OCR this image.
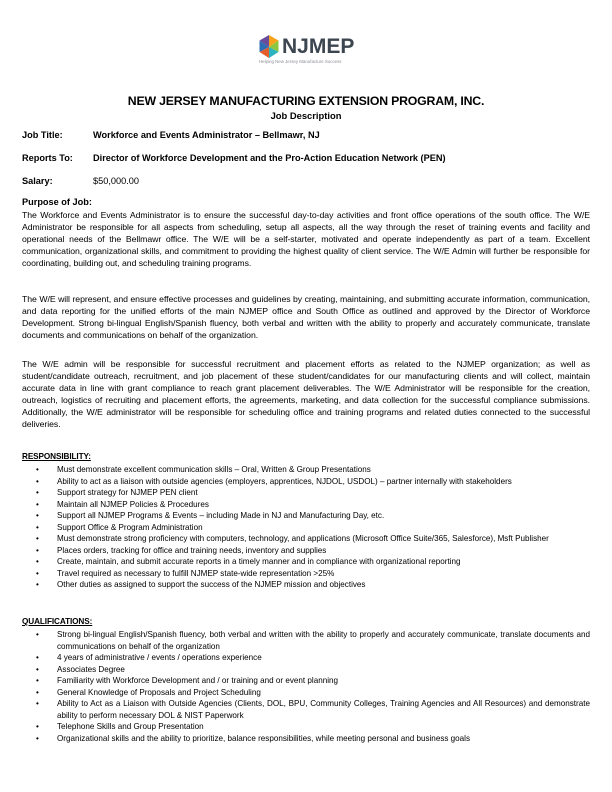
NJMEP
Helping New Jersey Manufacture Success
NEW JERSEY MANUFACTURING EXTENSION PROGRAM, INC.
Job Description
Job Title:	Workforce and Events Administrator – Bellmawr, NJ
Reports To: Director of Workforce Development and the Pro-Action Education Network (PEN)
Salary:	$50,000.00
Purpose of Job:
The Workforce and Events Administrator is to ensure the successful day-to-day activities and front office operations of the south office. The W/E Administrator be responsible for all aspects from scheduling, setup all aspects, all the way through the reset of training events and facility and operational needs of the Bellmawr office. The W/E will be a self-starter, motivated and operate independently as part of a team. Excellent communication, organizational skills, and commitment to providing the highest quality of client service. The W/E Admin will further be responsible for coordinating, building out, and scheduling training programs.
The W/E will represent, and ensure effective processes and guidelines by creating, maintaining, and submitting accurate information, communication, and data reporting for the unified efforts of the main NJMEP office and South Office as outlined and approved by the Director of Workforce Development. Strong bi-lingual English/Spanish fluency, both verbal and written with the ability to properly and accurately communicate, translate documents and communications on behalf of the organization.
The W/E admin will be responsible for successful recruitment and placement efforts as related to the NJMEP organization; as well as student/candidate outreach, recruitment, and job placement of these student/candidates for our manufacturing clients and will collect, maintain accurate data in line with grant compliance to reach grant placement deliverables. The W/E Administrator will be responsible for the creation, outreach, logistics of recruiting and placement efforts, the agreements, marketing, and data collection for the successful compliance submissions. Additionally, the W/E administrator will be responsible for scheduling office and training programs and related duties connected to the successful deliveries.
RESPONSIBILITY:
• Must demonstrate excellent communication skills – Oral, Written & Group Presentations
• Ability to act as a liaison with outside agencies (employers, apprentices, NJDOL, USDOL) – partner internally with stakeholders
• Support strategy for NJMEP PEN client
• Maintain all NJMEP Policies & Procedures
• Support all NJMEP Programs & Events – including Made in NJ and Manufacturing Day, etc.
• Support Office & Program Administration
• Must demonstrate strong proficiency with computers, technology, and applications (Microsoft Office Suite/365, Salesforce), Msft Publisher
• Places orders, tracking for office and training needs, inventory and supplies
• Create, maintain, and submit accurate reports in a timely manner and in compliance with organizational reporting
• Travel required as necessary to fulfill NJMEP state-wide representation >25%
• Other duties as assigned to support the success of the NJMEP mission and objectives
QUALIFICATIONS:
• Strong bi-lingual English/Spanish fluency, both verbal and written with the ability to properly and accurately communicate, translate documents and communications on behalf of the organization
• 4 years of administrative / events / operations experience
• Associates Degree
• Familiarity with Workforce Development and / or training and or event planning
• General Knowledge of Proposals and Project Scheduling
• Ability to Act as a Liaison with Outside Agencies (Clients, DOL, BPU, Community Colleges, Training Agencies and All Resources) and demonstrate ability to perform necessary DOL & NIST Paperwork
• Telephone Skills and Group Presentation
• Organizational skills and the ability to prioritize, balance responsibilities, while meeting personal and business goals
